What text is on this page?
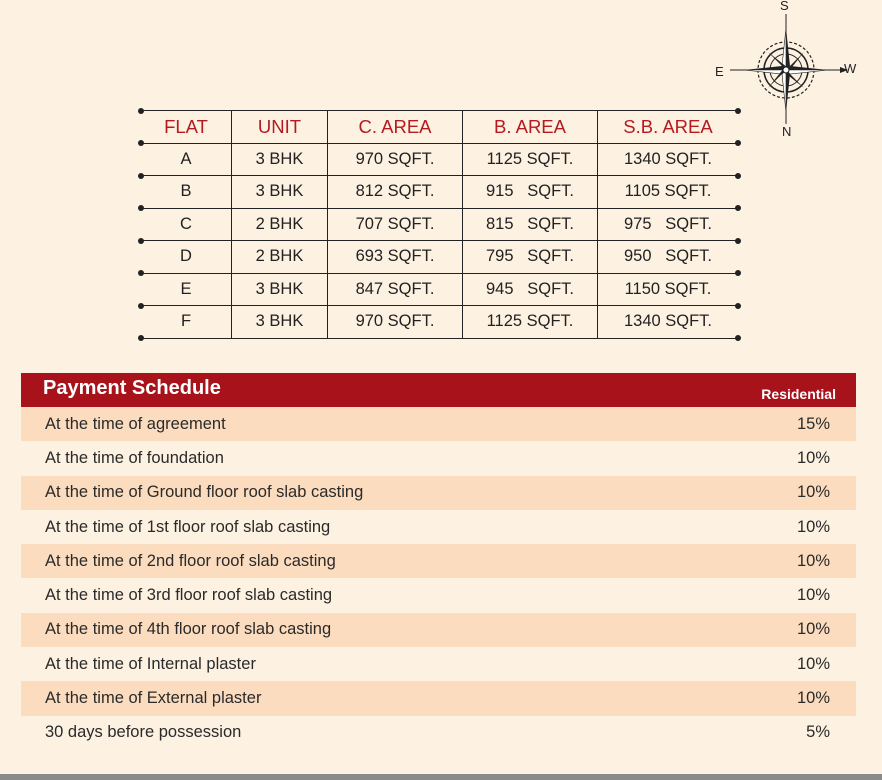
S
W
E
N
FLAT	UNIT	C. AREA	B. AREA	S.B. AREA
A	3 BHK	970 SQFT.	1125 SQFT.	1340 SQFT.
B	3 BHK	812 SQFT.	915   SQFT.	1105 SQFT.
C	2 BHK	707 SQFT.	815   SQFT.	975   SQFT.
D	2 BHK	693 SQFT.	795   SQFT.	950   SQFT.
E	3 BHK	847 SQFT.	945   SQFT.	1150 SQFT.
F	3 BHK	970 SQFT.	1125 SQFT.	1340 SQFT.
Payment Schedule	Residential
At the time of agreement	15%
At the time of foundation	10%
At the time of Ground floor roof slab casting	10%
At the time of 1st floor roof slab casting	10%
At the time of 2nd floor roof slab casting	10%
At the time of 3rd floor roof slab casting	10%
At the time of 4th floor roof slab casting	10%
At the time of Internal plaster	10%
At the time of External plaster	10%
30 days before possession	5%
